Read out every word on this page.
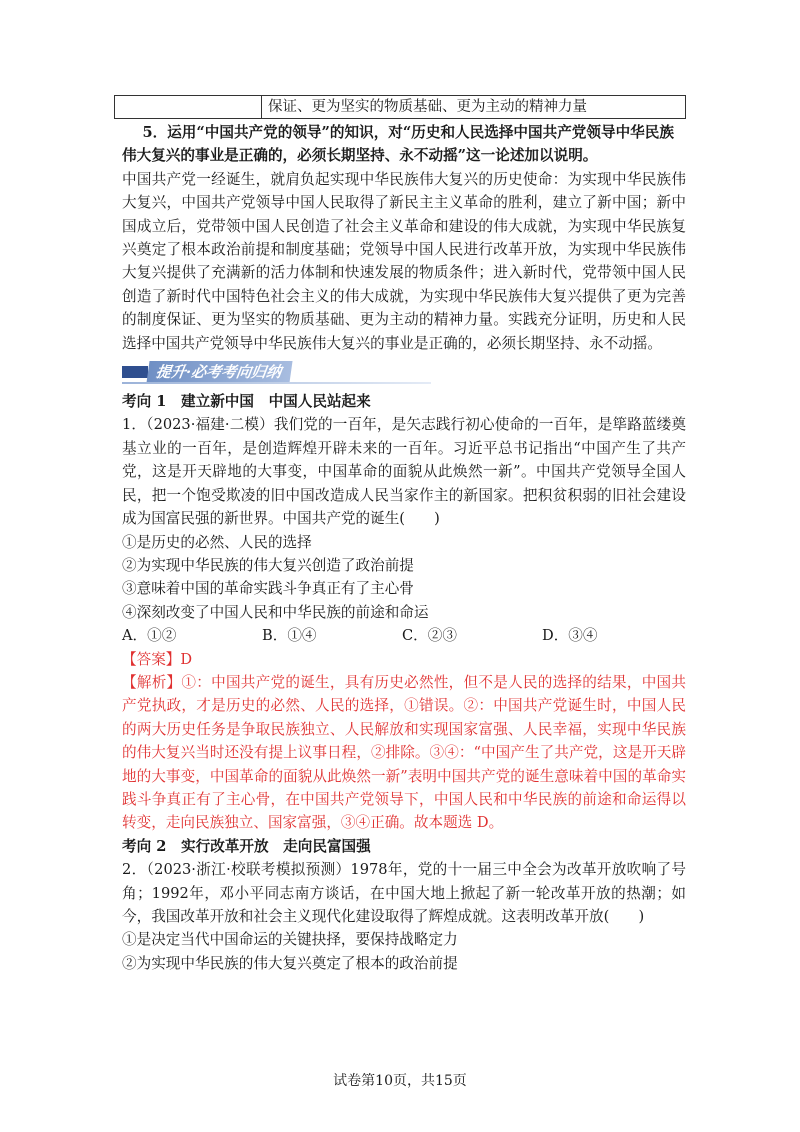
保证、更为坚实的物质基础、更为主动的精神力量

5．运用“中国共产党的领导”的知识，对“历史和人民选择中国共产党领导中华民族

伟大复兴的事业是正确的，必须长期坚持、永不动摇”这一论述加以说明。

中国共产党一经诞生，就肩负起实现中华民族伟大复兴的历史使命：为实现中华民族伟大复兴，中国共产党领导中国人民取得了新民主主义革命的胜利，建立了新中国；新中国成立后，党带领中国人民创造了社会主义革命和建设的伟大成就，为实现中华民族复兴奠定了根本政治前提和制度基础；党领导中国人民进行改革开放，为实现中华民族伟大复兴提供了充满新的活力体制和快速发展的物质条件；进入新时代，党带领中国人民创造了新时代中国特色社会主义的伟大成就，为实现中华民族伟大复兴提供了更为完善的制度保证、更为坚实的物质基础、更为主动的精神力量。实践充分证明，历史和人民选择中国共产党领导中华民族伟大复兴的事业是正确的，必须长期坚持、永不动摇。

提升·必考考向归纳

考向 1　建立新中国　中国人民站起来

1．（2023·福建·二模）我们党的一百年，是矢志践行初心使命的一百年，是筚路蓝缕奠基立业的一百年，是创造辉煌开辟未来的一百年。习近平总书记指出“中国产生了共产党，这是开天辟地的大事变，中国革命的面貌从此焕然一新”。中国共产党领导全国人民，把一个饱受欺凌的旧中国改造成人民当家作主的新国家。把积贫积弱的旧社会建设成为国富民强的新世界。中国共产党的诞生(　　)

①是历史的必然、人民的选择

②为实现中华民族的伟大复兴创造了政治前提

③意味着中国的革命实践斗争真正有了主心骨

④深刻改变了中国人民和中华民族的前途和命运

A．①②	B．①④	C．②③	D．③④

【答案】D

【解析】①：中国共产党的诞生，具有历史必然性，但不是人民的选择的结果，中国共产党执政，才是历史的必然、人民的选择，①错误。②：中国共产党诞生时，中国人民的两大历史任务是争取民族独立、人民解放和实现国家富强、人民幸福，实现中华民族的伟大复兴当时还没有提上议事日程，②排除。③④：“中国产生了共产党，这是开天辟地的大事变，中国革命的面貌从此焕然一新”表明中国共产党的诞生意味着中国的革命实践斗争真正有了主心骨，在中国共产党领导下，中国人民和中华民族的前途和命运得以转变，走向民族独立、国家富强，③④正确。故本题选 D。

考向 2　实行改革开放　走向民富国强

2．（2023·浙江·校联考模拟预测）1978年，党的十一届三中全会为改革开放吹响了号角；1992年，邓小平同志南方谈话，在中国大地上掀起了新一轮改革开放的热潮；如今，我国改革开放和社会主义现代化建设取得了辉煌成就。这表明改革开放(　　)

①是决定当代中国命运的关键抉择，要保持战略定力

②为实现中华民族的伟大复兴奠定了根本的政治前提

试卷第10页，共15页
